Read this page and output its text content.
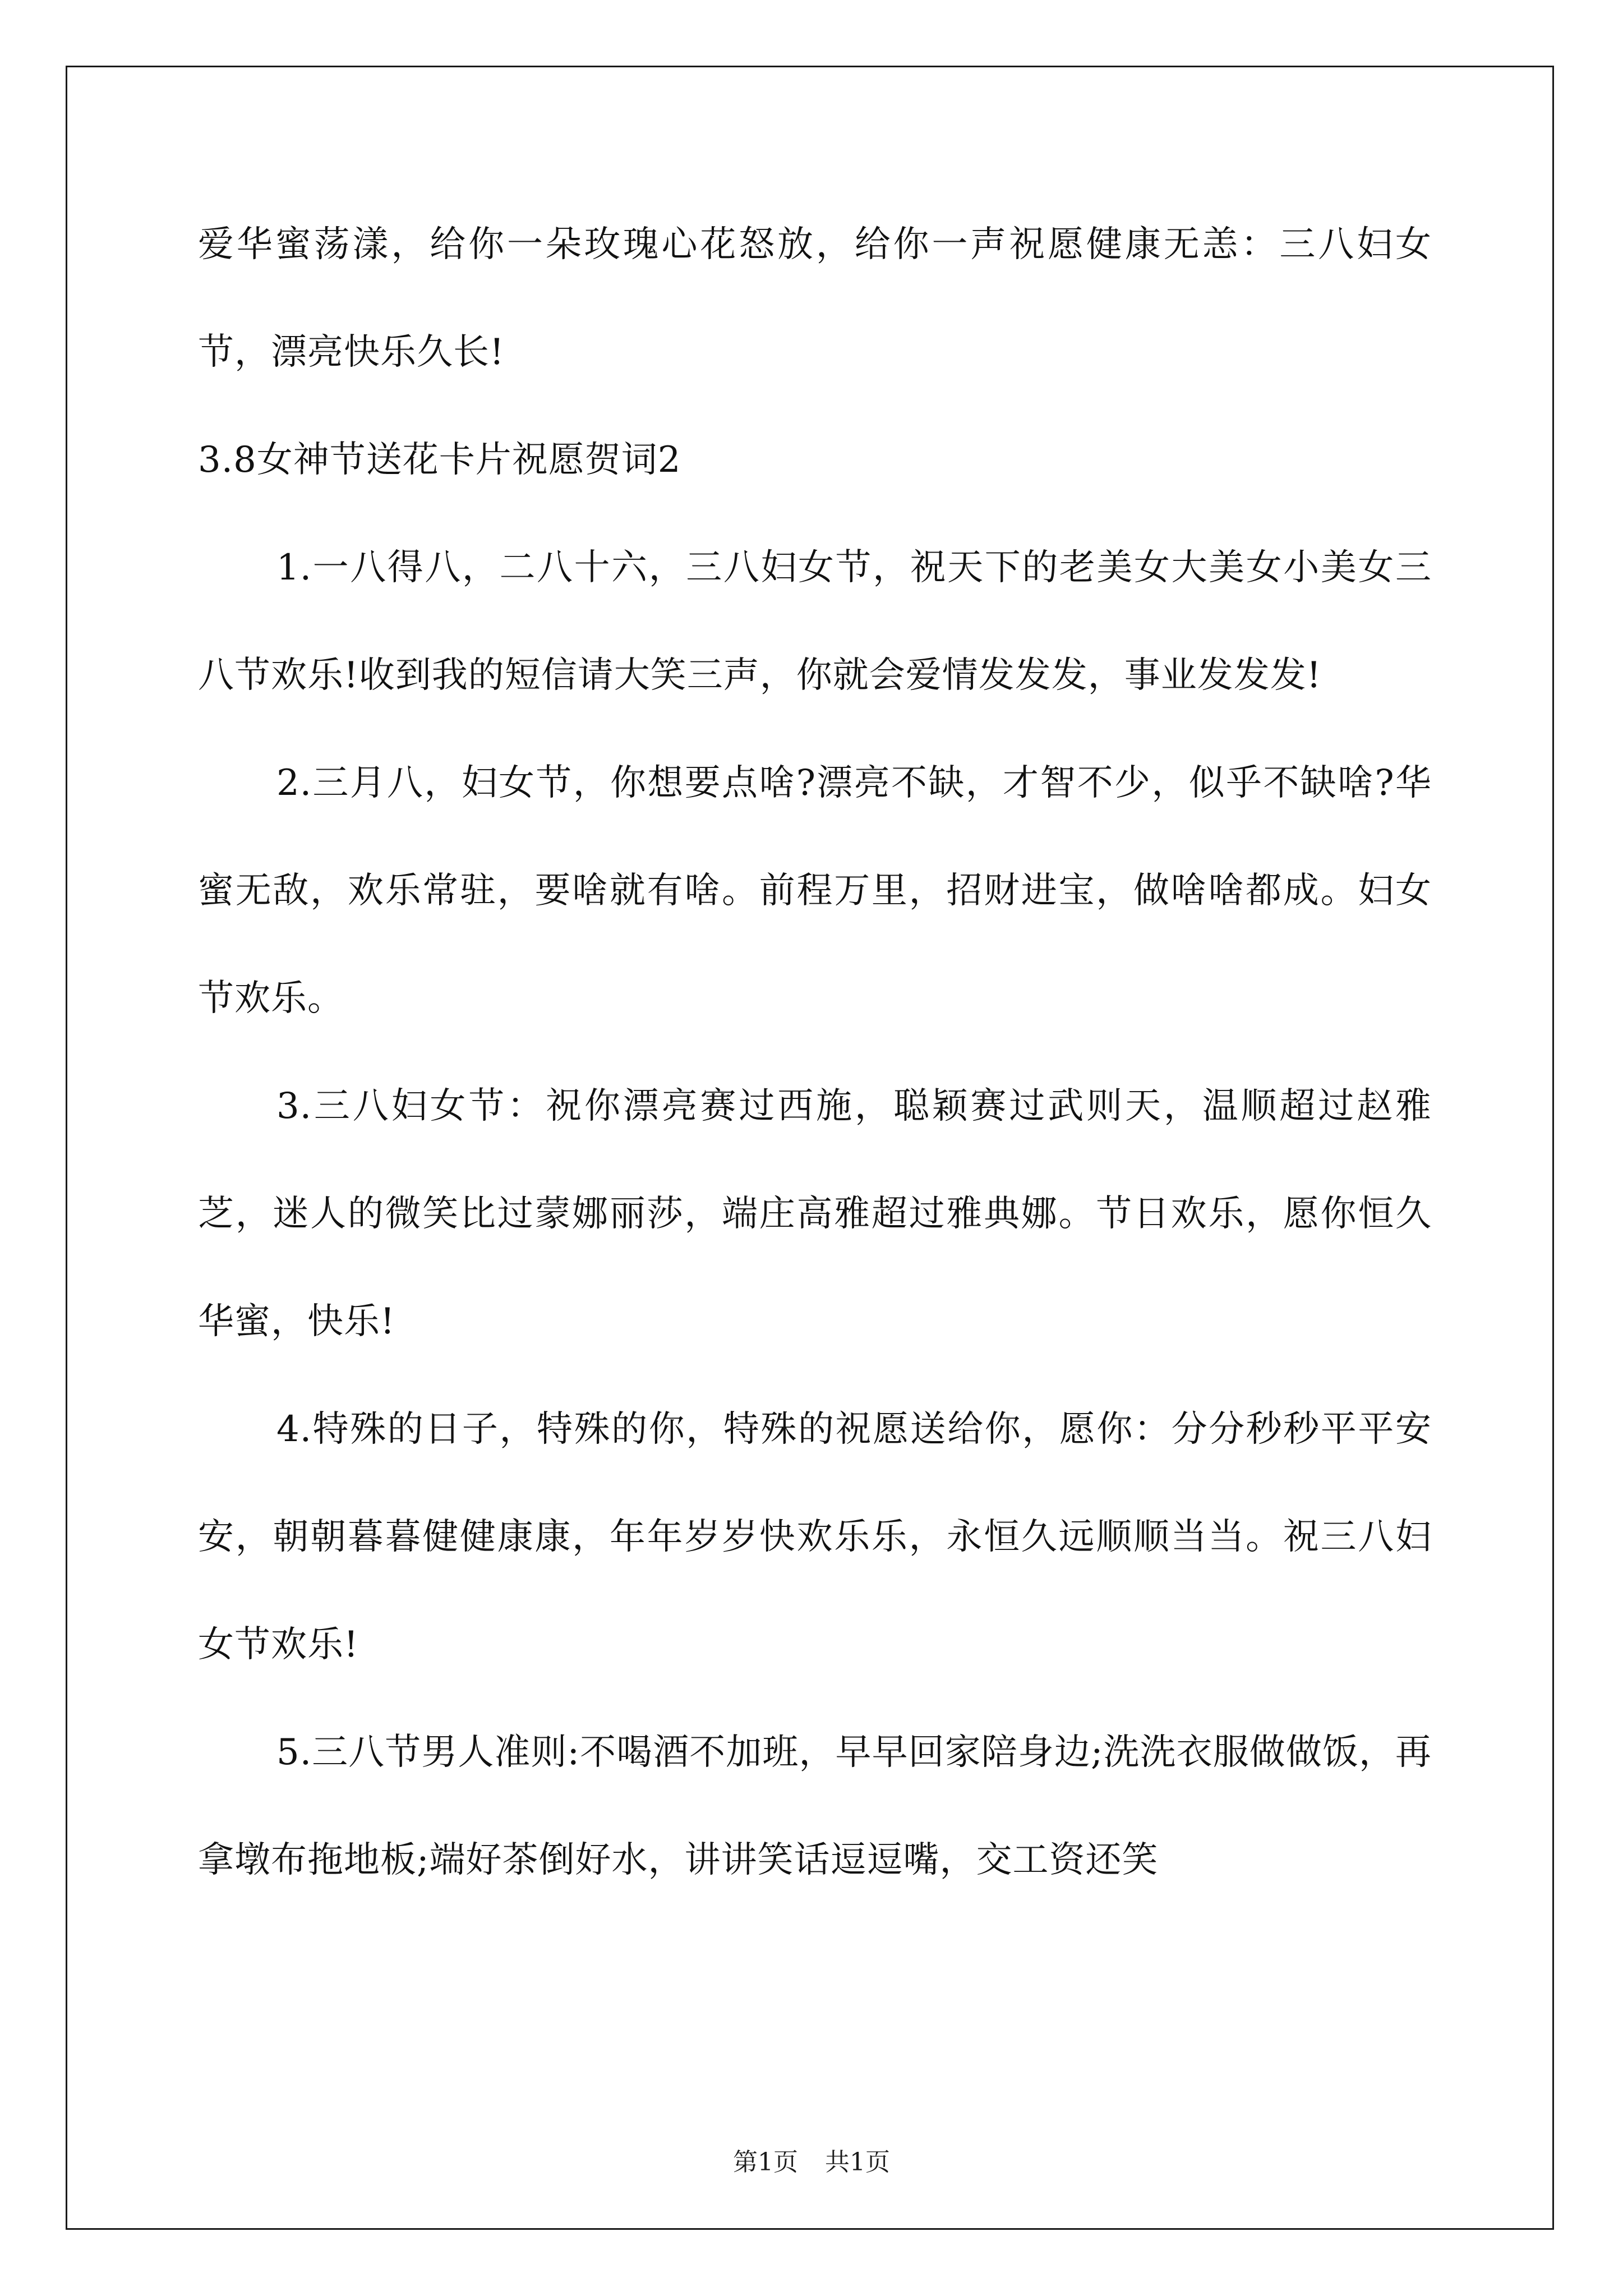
爱华蜜荡漾，给你一朵玫瑰心花怒放，给你一声祝愿健康无恙：三八妇女节，漂亮快乐久长!

3.8女神节送花卡片祝愿贺词2

1.一八得八，二八十六，三八妇女节，祝天下的老美女大美女小美女三八节欢乐!收到我的短信请大笑三声，你就会爱情发发发，事业发发发!

2.三月八，妇女节，你想要点啥?漂亮不缺，才智不少，似乎不缺啥?华蜜无敌，欢乐常驻，要啥就有啥。前程万里，招财进宝，做啥啥都成。妇女节欢乐。

3.三八妇女节：祝你漂亮赛过西施，聪颖赛过武则天，温顺超过赵雅芝，迷人的微笑比过蒙娜丽莎，端庄高雅超过雅典娜。节日欢乐，愿你恒久华蜜，快乐!

4.特殊的日子，特殊的你，特殊的祝愿送给你，愿你：分分秒秒平平安安，朝朝暮暮健健康康，年年岁岁快欢乐乐，永恒久远顺顺当当。祝三八妇女节欢乐!

5.三八节男人准则:不喝酒不加班，早早回家陪身边;洗洗衣服做做饭，再拿墩布拖地板;端好茶倒好水，讲讲笑话逗逗嘴，交工资还笑

第1页 共1页
